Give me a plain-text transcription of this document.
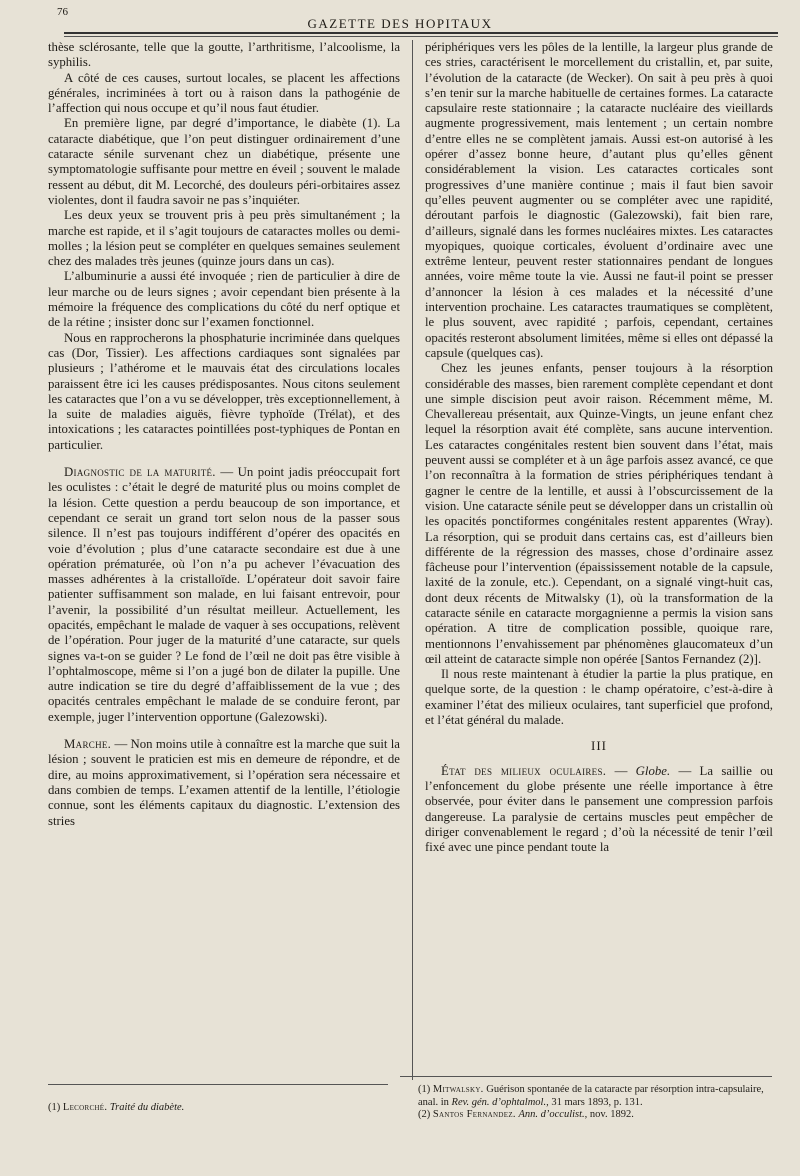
76
GAZETTE DES HOPITAUX

thèse sclérosante, telle que la goutte, l’arthritisme, l’alcoolisme, la syphilis.

A côté de ces causes, surtout locales, se placent les affections générales, incriminées à tort ou à raison dans la pathogénie de l’affection qui nous occupe et qu’il nous faut étudier.

En première ligne, par degré d’importance, le diabète (1). La cataracte diabétique, que l’on peut distinguer ordinairement d’une cataracte sénile survenant chez un diabétique, présente une symptomatologie suffisante pour mettre en éveil ; souvent le malade ressent au début, dit M. Lecorché, des douleurs péri-orbitaires assez violentes, dont il faudra savoir ne pas s’inquiéter.

Les deux yeux se trouvent pris à peu près simultanément ; la marche est rapide, et il s’agit toujours de cataractes molles ou demi-molles ; la lésion peut se compléter en quelques semaines seulement chez des malades très jeunes (quinze jours dans un cas).

L’albuminurie a aussi été invoquée ; rien de particulier à dire de leur marche ou de leurs signes ; avoir cependant bien présente à la mémoire la fréquence des complications du côté du nerf optique et de la rétine ; insister donc sur l’examen fonctionnel.

Nous en rapprocherons la phosphaturie incriminée dans quelques cas (Dor, Tissier). Les affections cardiaques sont signalées par plusieurs ; l’athérome et le mauvais état des circulations locales paraissent être ici les causes prédisposantes. Nous citons seulement les cataractes que l’on a vu se développer, très exceptionnellement, à la suite de maladies aiguës, fièvre typhoïde (Trélat), et des intoxications ; les cataractes pointillées post-typhiques de Pontan en particulier.

Diagnostic de la maturité. — Un point jadis préoccupait fort les oculistes : c’était le degré de maturité plus ou moins complet de la lésion. Cette question a perdu beaucoup de son importance, et cependant ce serait un grand tort selon nous de la passer sous silence. Il n’est pas toujours indifférent d’opérer des opacités en voie d’évolution ; plus d’une cataracte secondaire est due à une opération prématurée, où l’on n’a pu achever l’évacuation des masses adhérentes à la cristalloïde. L’opérateur doit savoir faire patienter suffisamment son malade, en lui faisant entrevoir, pour l’avenir, la possibilité d’un résultat meilleur. Actuellement, les opacités, empêchant le malade de vaquer à ses occupations, relèvent de l’opération. Pour juger de la maturité d’une cataracte, sur quels signes va-t-on se guider ? Le fond de l’œil ne doit pas être visible à l’ophtalmoscope, même si l’on a jugé bon de dilater la pupille. Une autre indication se tire du degré d’affaiblissement de la vue ; des opacités centrales empêchant le malade de se conduire feront, par exemple, juger l’intervention opportune (Galezowski).

Marche. — Non moins utile à connaître est la marche que suit la lésion ; souvent le praticien est mis en demeure de répondre, et de dire, au moins approximativement, si l’opération sera nécessaire et dans combien de temps. L’examen attentif de la lentille, l’étiologie connue, sont les éléments capitaux du diagnostic. L’extension des stries

périphériques vers les pôles de la lentille, la largeur plus grande de ces stries, caractérisent le morcellement du cristallin, et, par suite, l’évolution de la cataracte (de Wecker). On sait à peu près à quoi s’en tenir sur la marche habituelle de certaines formes. La cataracte capsulaire reste stationnaire ; la cataracte nucléaire des vieillards augmente progressivement, mais lentement ; un certain nombre d’entre elles ne se complètent jamais. Aussi est-on autorisé à les opérer d’assez bonne heure, d’autant plus qu’elles gênent considérablement la vision. Les cataractes corticales sont progressives d’une manière continue ; mais il faut bien savoir qu’elles peuvent augmenter ou se compléter avec une rapidité, déroutant parfois le diagnostic (Galezowski), fait bien rare, d’ailleurs, signalé dans les formes nucléaires mixtes. Les cataractes myopiques, quoique corticales, évoluent d’ordinaire avec une extrême lenteur, peuvent rester stationnaires pendant de longues années, voire même toute la vie. Aussi ne faut-il point se presser d’annoncer la lésion à ces malades et la nécessité d’une intervention prochaine. Les cataractes traumatiques se complètent, le plus souvent, avec rapidité ; parfois, cependant, certaines opacités resteront absolument limitées, même si elles ont dépassé la capsule (quelques cas).

Chez les jeunes enfants, penser toujours à la résorption considérable des masses, bien rarement complète cependant et dont une simple discision peut avoir raison. Récemment même, M. Chevallereau présentait, aux Quinze-Vingts, un jeune enfant chez lequel la résorption avait été complète, sans aucune intervention. Les cataractes congénitales restent bien souvent dans l’état, mais peuvent aussi se compléter et à un âge parfois assez avancé, ce que l’on reconnaîtra à la formation de stries périphériques tendant à gagner le centre de la lentille, et aussi à l’obscurcissement de la vision. Une cataracte sénile peut se développer dans un cristallin où les opacités ponctiformes congénitales restent apparentes (Wray). La résorption, qui se produit dans certains cas, est d’ailleurs bien différente de la régression des masses, chose d’ordinaire assez fâcheuse pour l’intervention (épaississement notable de la capsule, laxité de la zonule, etc.). Cependant, on a signalé vingt-huit cas, dont deux récents de Mitwalsky (1), où la transformation de la cataracte sénile en cataracte morgagnienne a permis la vision sans opération. A titre de complication possible, quoique rare, mentionnons l’envahissement par phénomènes glaucomateux d’un œil atteint de cataracte simple non opérée [Santos Fernandez (2)].

Il nous reste maintenant à étudier la partie la plus pratique, en quelque sorte, de la question : le champ opératoire, c’est-à-dire à examiner l’état des milieux oculaires, tant superficiel que profond, et l’état général du malade.

III

État des milieux oculaires. — Globe. — La saillie ou l’enfoncement du globe présente une réelle importance à être observée, pour éviter dans le pansement une compression parfois dangereuse. La paralysie de certains muscles peut empêcher de diriger convenablement le regard ; d’où la nécessité de tenir l’œil fixé avec une pince pendant toute la

(1) Lecorché. Traité du diabète.
(1) Mitwalsky. Guérison spontanée de la cataracte par résorption intra-capsulaire, anal. in Rev. gén. d’ophtalmol., 31 mars 1893, p. 131.
(2) Santos Fernandez. Ann. d’occulist., nov. 1892.
